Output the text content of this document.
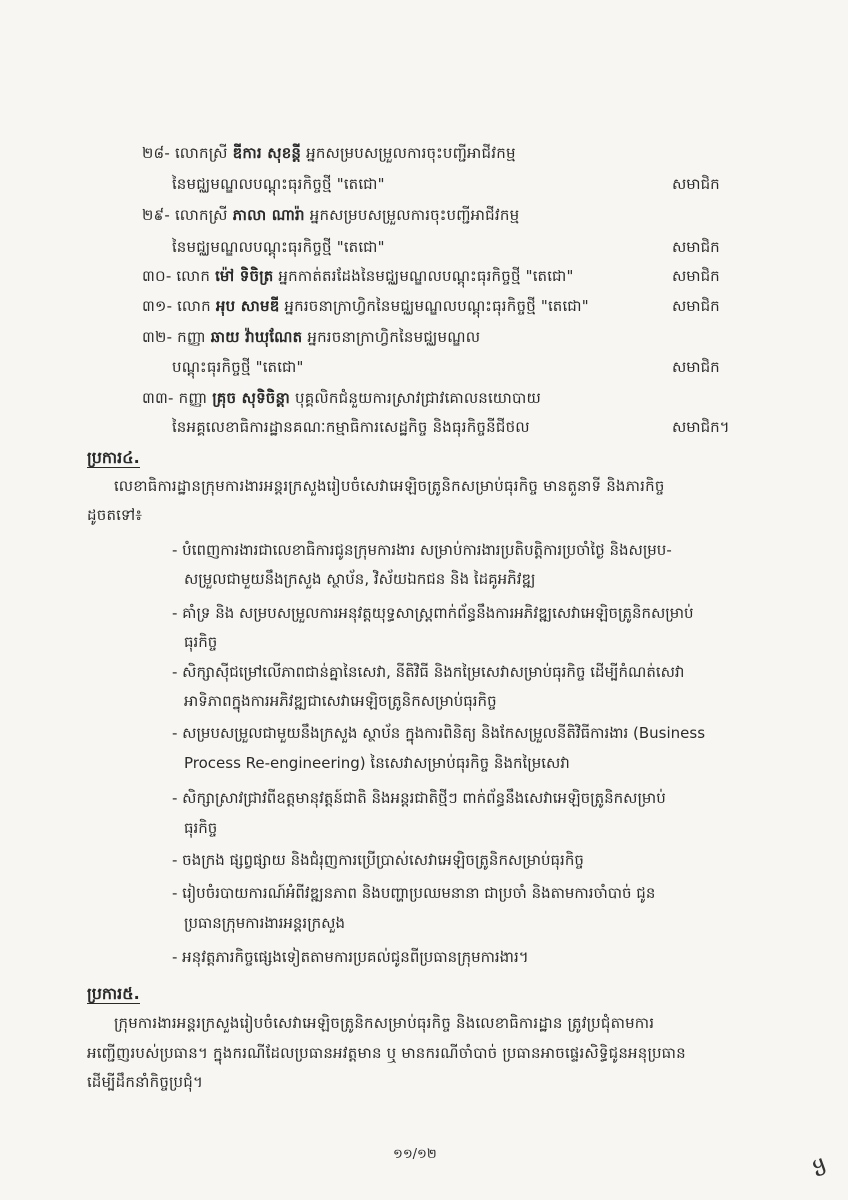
២៨- លោកស្រី ឌីការ សុខន្តី អ្នកសម្របសម្រួលការចុះបញ្ជីអាជីវកម្ម
នៃមជ្ឈមណ្ឌលបណ្តុះធុរកិច្ចថ្មី "តេជោ"	សមាជិក
២៩- លោកស្រី ភាលា ណារ៉ា អ្នកសម្របសម្រួលការចុះបញ្ជីអាជីវកម្ម
នៃមជ្ឈមណ្ឌលបណ្តុះធុរកិច្ចថ្មី "តេជោ"	សមាជិក
៣០- លោក ម៉ៅ ទិចិត្រ អ្នកកាត់តរដែងនៃមជ្ឈមណ្ឌលបណ្តុះធុរកិច្ចថ្មី "តេជោ"	សមាជិក
៣១- លោក អុប សាមឌី អ្នករចនាក្រាហ្វិកនៃមជ្ឈមណ្ឌលបណ្តុះធុរកិច្ចថ្មី "តេជោ"	សមាជិក
៣២- កញ្ញា ឆាយ វ៉ាឃុណែត អ្នករចនាក្រាហ្វិកនៃមជ្ឈមណ្ឌល
បណ្តុះធុរកិច្ចថ្មី "តេជោ"	សមាជិក
៣៣- កញ្ញា គ្រុច សុទិចិន្តា បុគ្គលិកជំនួយការស្រាវជ្រាវគោលនយោបាយ
នៃអគ្គលេខាធិការដ្ឋានគណៈកម្មាធិការសេដ្ឋកិច្ច និងធុរកិច្ចនីជីថល	សមាជិក។
ប្រការ៤.
លេខាធិការដ្ឋានក្រុមការងារអន្តរក្រសួងរៀបចំសេវាអេឡិចត្រូនិកសម្រាប់ធុរកិច្ច មានតួនាទី និងភារកិច្ច
ដូចតទៅ៖
- បំពេញការងារជាលេខាធិការជូនក្រុមការងារ សម្រាប់ការងារប្រតិបត្តិការប្រចាំថ្ងៃ និងសម្រប-
សម្រួលជាមួយនឹងក្រសួង ស្ថាប័ន, វិស័យឯកជន និង ដៃគូអភិវឌ្ឍ
- គាំទ្រ និង សម្របសម្រួលការអនុវត្តយុទ្ធសាស្ត្រពាក់ព័ន្ធនឹងការអភិវឌ្ឍសេវាអេឡិចត្រូនិកសម្រាប់
ធុរកិច្ច
- សិក្សាស៊ីជម្រៅលើភាពជាន់គ្នានៃសេវា, នីតិវិធី និងកម្រៃសេវាសម្រាប់ធុរកិច្ច ដើម្បីកំណត់សេវា
អាទិភាពក្នុងការអភិវឌ្ឍជាសេវាអេឡិចត្រូនិកសម្រាប់ធុរកិច្ច
- សម្របសម្រួលជាមួយនឹងក្រសួង ស្ថាប័ន ក្នុងការពិនិត្យ និងកែសម្រួលនីតិវិធីការងារ (Business
Process Re-engineering) នៃសេវាសម្រាប់ធុរកិច្ច និងកម្រៃសេវា
- សិក្សាស្រាវជ្រាវពីឧត្តមានុវត្តន៍ជាតិ និងអន្តរជាតិថ្មីៗ ពាក់ព័ន្ធនឹងសេវាអេឡិចត្រូនិកសម្រាប់
ធុរកិច្ច
- ចងក្រង ផ្សព្វផ្សាយ និងជំរុញការប្រើប្រាស់សេវាអេឡិចត្រូនិកសម្រាប់ធុរកិច្ច
- រៀបចំរបាយការណ៍អំពីវឌ្ឍនភាព និងបញ្ហាប្រឈមនានា ជាប្រចាំ និងតាមការចាំបាច់ ជូន
ប្រធានក្រុមការងារអន្តរក្រសួង
- អនុវត្តភារកិច្ចផ្សេងទៀតតាមការប្រគល់ជូនពីប្រធានក្រុមការងារ។
ប្រការ៥.
ក្រុមការងារអន្តរក្រសួងរៀបចំសេវាអេឡិចត្រូនិកសម្រាប់ធុរកិច្ច និងលេខាធិការដ្ឋាន ត្រូវប្រជុំតាមការ
អញ្ជើញរបស់ប្រធាន។ ក្នុងករណីដែលប្រធានអវត្តមាន ឬ មានករណីចាំបាច់ ប្រធានអាចផ្ទេរសិទ្ធិជូនអនុប្រធាន
ដើម្បីដឹកនាំកិច្ចប្រជុំ។
១១/១២	ყ
